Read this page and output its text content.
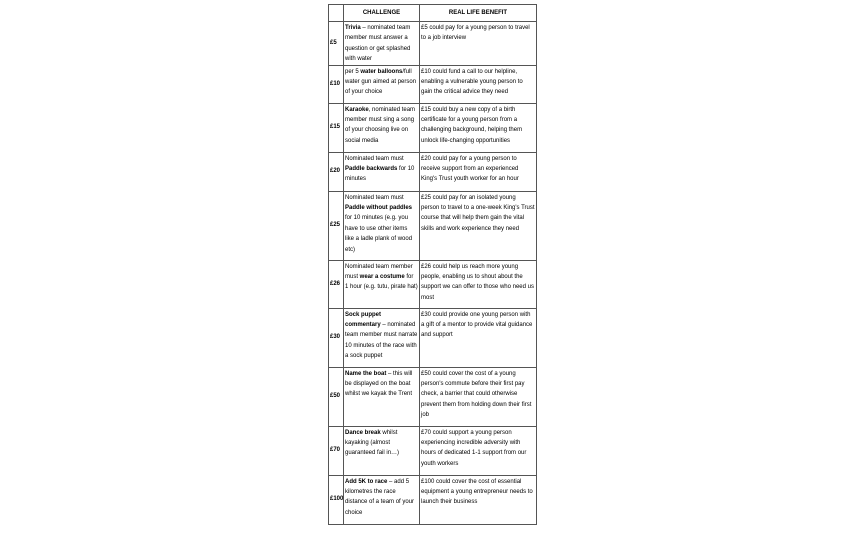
	CHALLENGE	REAL LIFE BENEFIT
£5	Trivia – nominated team member must answer a question or get splashed with water	£5 could pay for a young person to travel to a job interview
£10	per 5 water balloons/full water gun aimed at person of your choice	£10 could fund a call to our helpline, enabling a vulnerable young person to gain the critical advice they need
£15	Karaoke, nominated team member must sing a song of your choosing live on social media	£15 could buy a new copy of a birth certificate for a young person from a challenging background, helping them unlock life-changing opportunities
£20	Nominated team must Paddle backwards for 10 minutes	£20 could pay for a young person to receive support from an experienced King's Trust youth worker for an hour
£25	Nominated team must Paddle without paddles for 10 minutes (e.g. you have to use other items like a ladle plank of wood etc)	£25 could pay for an isolated young person to travel to a one-week King's Trust course that will help them gain the vital skills and work experience they need
£26	Nominated team member must wear a costume for 1 hour (e.g. tutu, pirate hat)	£26 could help us reach more young people, enabling us to shout about the support we can offer to those who need us most
£30	Sock puppet commentary – nominated team member must narrate 10 minutes of the race with a sock puppet	£30 could provide one young person with a gift of a mentor to provide vital guidance and support
£50	Name the boat – this will be displayed on the boat whilst we kayak the Trent	£50 could cover the cost of a young person's commute before their first pay check, a barrier that could otherwise prevent them from holding down their first job
£70	Dance break whilst kayaking (almost guaranteed fail in…)	£70 could support a young person experiencing incredible adversity with hours of dedicated 1-1 support from our youth workers
£100	Add 5K to race – add 5 kilometres the race distance of a team of your choice	£100 could cover the cost of essential equipment a young entrepreneur needs to launch their business
